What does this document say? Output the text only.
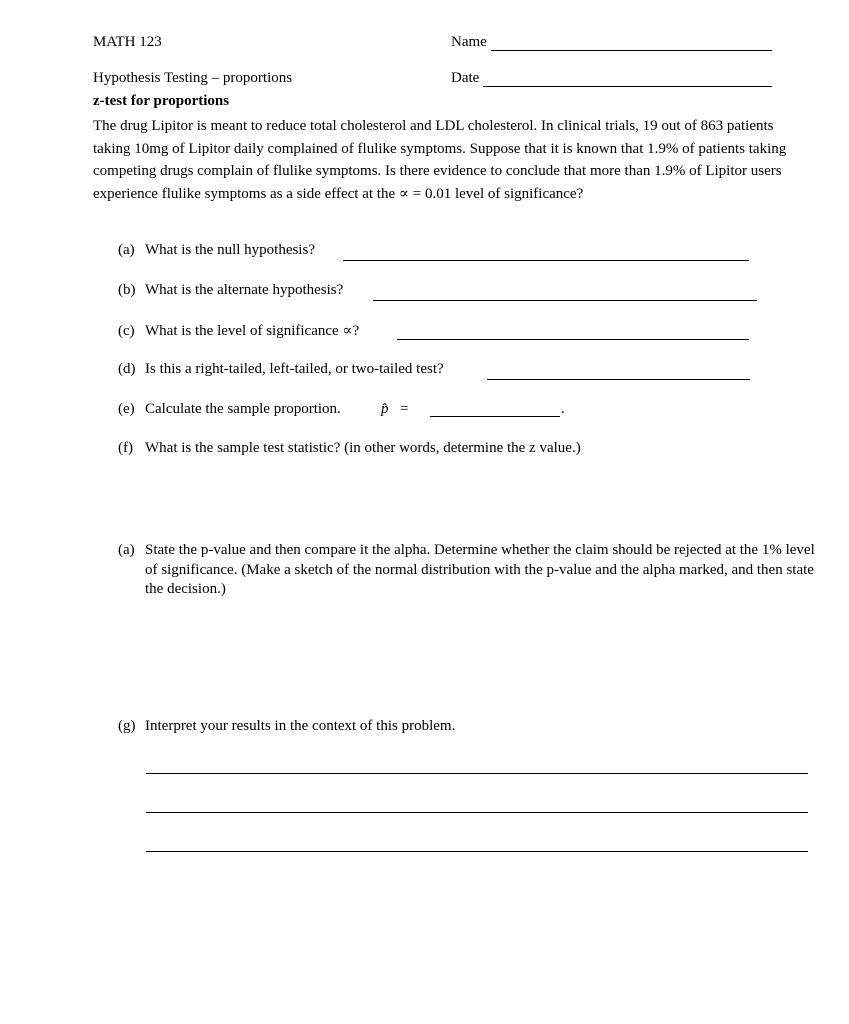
MATH 123	Name
Hypothesis Testing – proportions	Date
z-test for proportions
The drug Lipitor is meant to reduce total cholesterol and LDL cholesterol. In clinical trials, 19 out of 863 patients taking 10mg of Lipitor daily complained of flulike symptoms. Suppose that it is known that 1.9% of patients taking competing drugs complain of flulike symptoms. Is there evidence to conclude that more than 1.9% of Lipitor users experience flulike symptoms as a side effect at the ∝ = 0.01 level of significance?
(a) What is the null hypothesis?
(b) What is the alternate hypothesis?
(c) What is the level of significance ∝?
(d) Is this a right-tailed, left-tailed, or two-tailed test?
(e) Calculate the sample proportion.	p̂ =	.
(f) What is the sample test statistic? (in other words, determine the z value.)
(a) State the p-value and then compare it the alpha. Determine whether the claim should be rejected at the 1% level of significance. (Make a sketch of the normal distribution with the p-value and the alpha marked, and then state the decision.)
(g) Interpret your results in the context of this problem.
